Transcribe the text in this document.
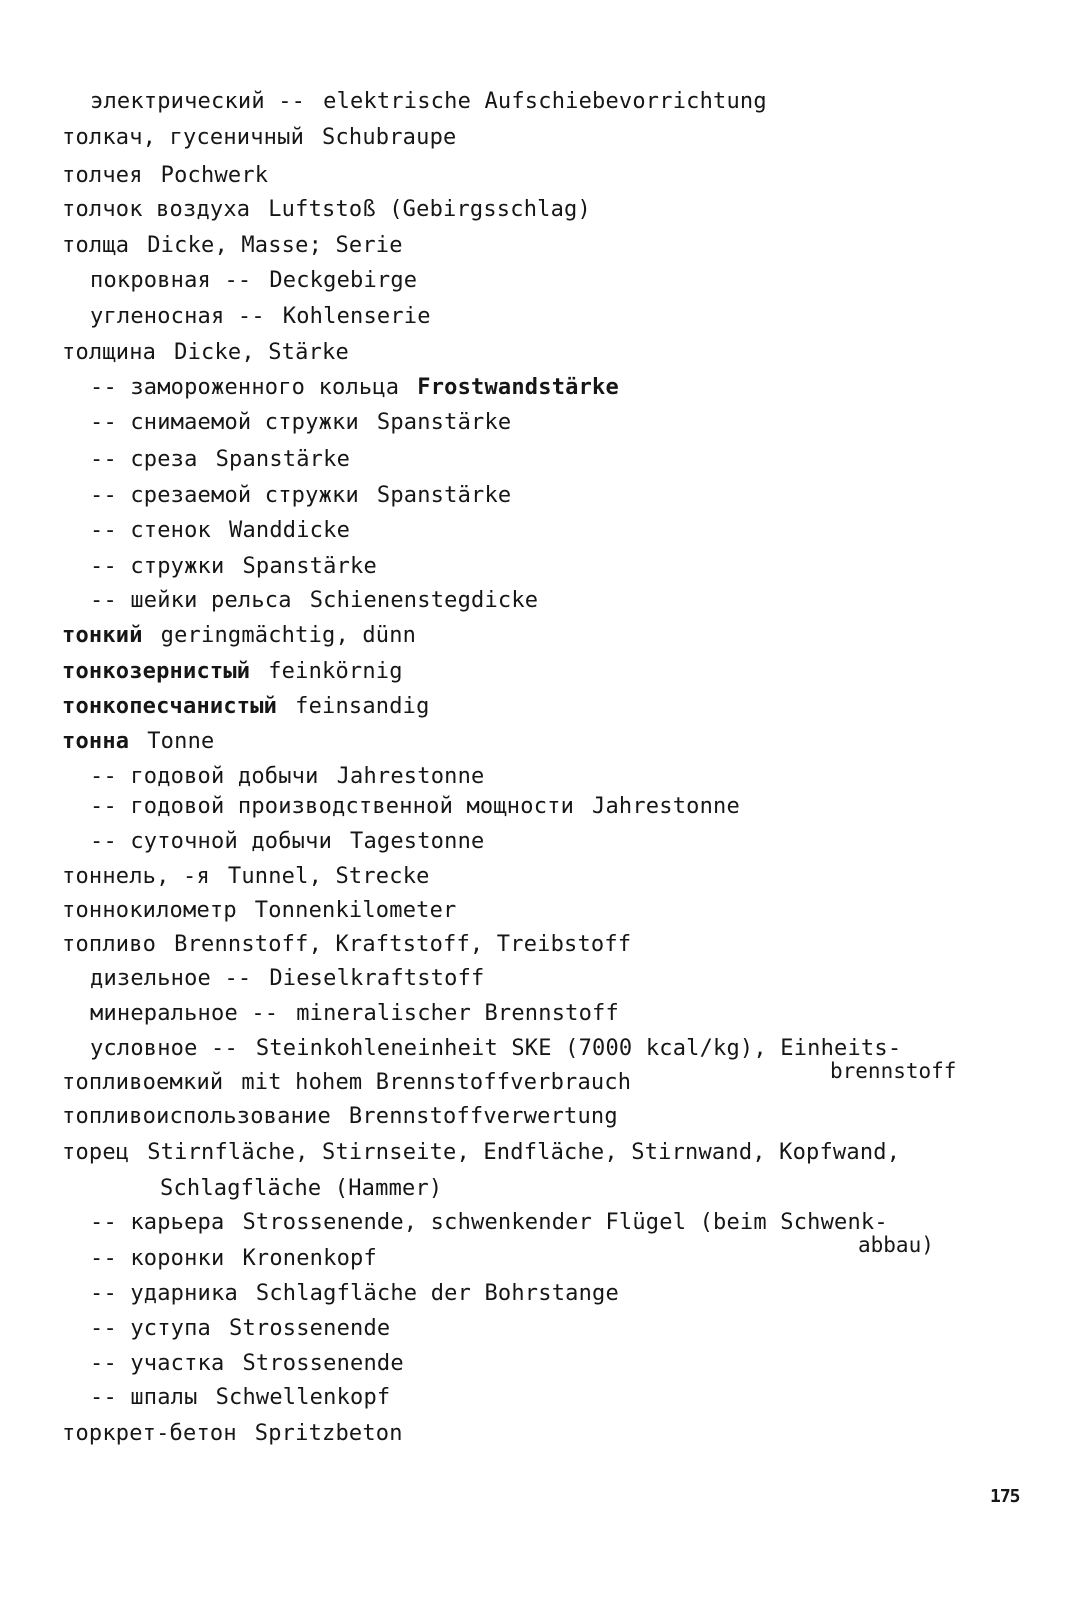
электрический -- elektrische Aufschiebevorrichtung
толкач, гусеничный Schubraupe
толчея Pochwerk
толчок воздуха Luftstoß (Gebirgsschlag)
толща Dicke, Masse; Serie
покровная -- Deckgebirge
угленосная -- Kohlenserie
толщина Dicke, Stärke
-- замороженного кольца Frostwandstärke
-- снимаемой стружки Spanstärke
-- среза Spanstärke
-- срезаемой стружки Spanstärke
-- стенок Wanddicke
-- стружки Spanstärke
-- шейки рельса Schienenstegdicke
тонкий geringmächtig, dünn
тонкозернистый feinkörnig
тонкопесчанистый feinsandig
тонна Tonne
-- годовой добычи Jahrestonne
-- годовой производственной мощности Jahrestonne
-- суточной добычи Tagestonne
тоннель, -я Tunnel, Strecke
тоннокилометр Tonnenkilometer
топливо Brennstoff, Kraftstoff, Treibstoff
дизельное -- Dieselkraftstoff
минеральное -- mineralischer Brennstoff
условное -- Steinkohleneinheit SKE (7000 kcal/kg), Einheits-
brennstoff
топливоемкий mit hohem Brennstoffverbrauch
топливоиспользование Brennstoffverwertung
торец Stirnfläche, Stirnseite, Endfläche, Stirnwand, Kopfwand,
Schlagfläche (Hammer)
-- карьера Strossenende, schwenkender Flügel (beim Schwenk-
abbau)
-- коронки Kronenkopf
-- ударника Schlagfläche der Bohrstange
-- уступа Strossenende
-- участка Strossenende
-- шпалы Schwellenkopf
торкрет-бетон Spritzbeton
175
